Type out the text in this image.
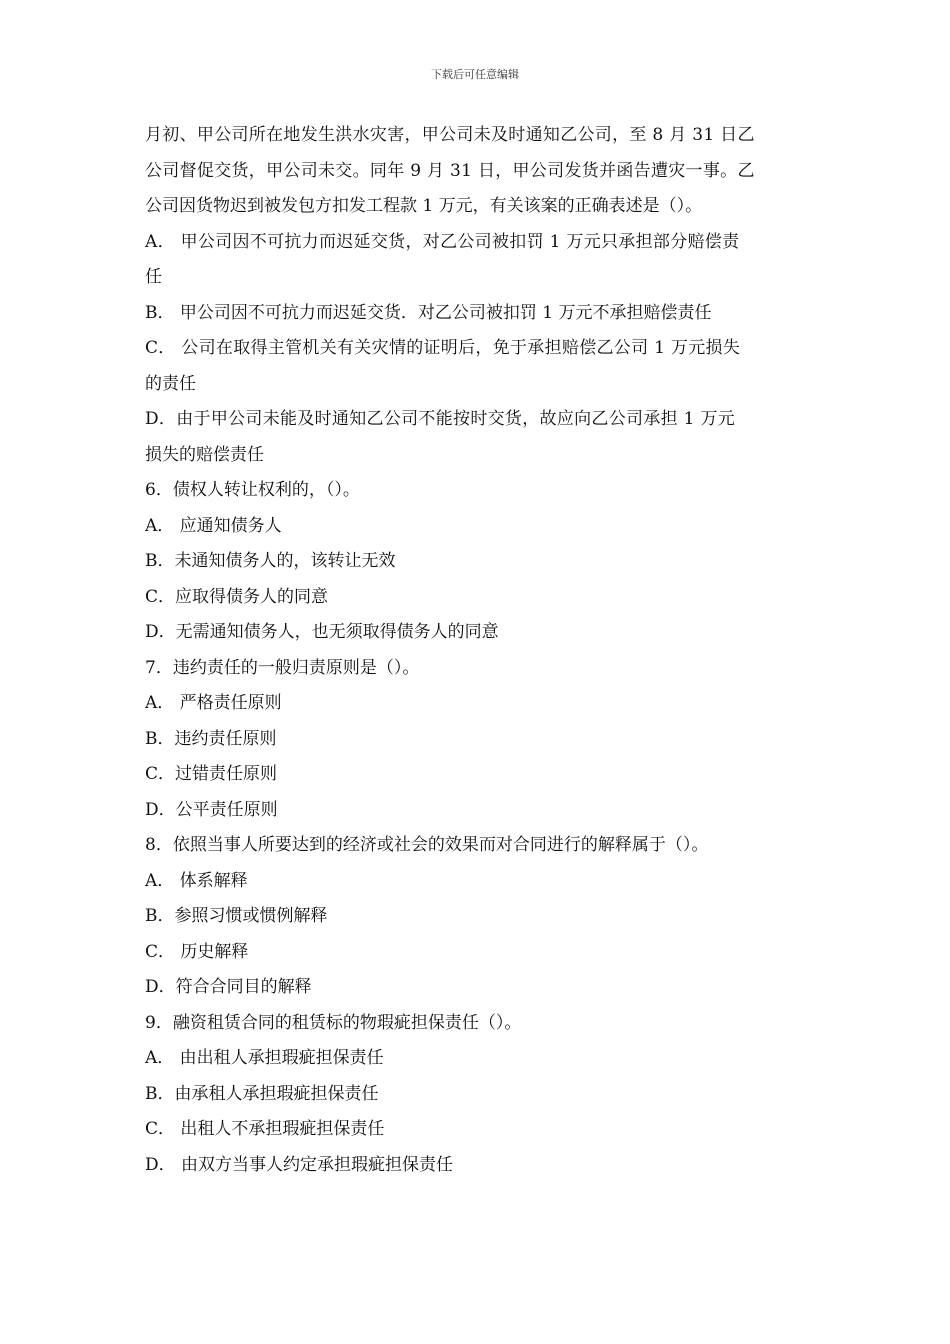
下载后可任意编辑
月初、甲公司所在地发生洪水灾害，甲公司未及时通知乙公司，至 8 月 31 日乙
公司督促交货，甲公司未交。同年 9 月 31 日，甲公司发货并函告遭灾一事。乙
公司因货物迟到被发包方扣发工程款 1 万元，有关该案的正确表述是（）。
A． 甲公司因不可抗力而迟延交货，对乙公司被扣罚 1 万元只承担部分赔偿责
任
B． 甲公司因不可抗力而迟延交货．对乙公司被扣罚 1 万元不承担赔偿责任
C． 公司在取得主管机关有关灾情的证明后，免于承担赔偿乙公司 1 万元损失
的责任
D．由于甲公司未能及时通知乙公司不能按时交货，故应向乙公司承担 1 万元
损失的赔偿责任
6．债权人转让权利的，（）。
A． 应通知债务人
B．未通知债务人的，该转让无效
C．应取得债务人的同意
D．无需通知债务人，也无须取得债务人的同意
7．违约责任的一般归责原则是（）。
A． 严格责任原则
B．违约责任原则
C．过错责任原则
D．公平责任原则
8．依照当事人所要达到的经济或社会的效果而对合同进行的解释属于（）。
A． 体系解释
B．参照习惯或惯例解释
C． 历史解释
D．符合合同目的解释
9．融资租赁合同的租赁标的物瑕疵担保责任（）。
A． 由出租人承担瑕疵担保责任
B．由承租人承担瑕疵担保责任
C． 出租人不承担瑕疵担保责任
D． 由双方当事人约定承担瑕疵担保责任
